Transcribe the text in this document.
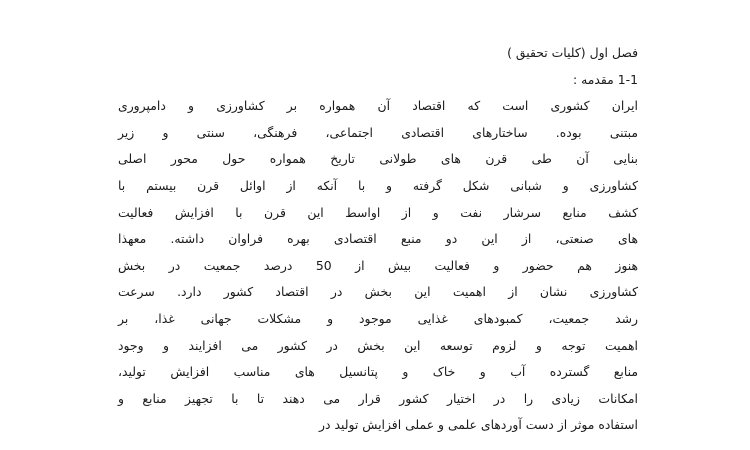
فصل اول (کلیات تحقیق )
1-1 مقدمه :
ایران کشوری است که اقتصاد آن همواره بر کشاورزی و دامپروری
مبتنی بوده. ساختارهای اقتصادی اجتماعی، فرهنگی، سنتی و زیر
بنایی آن طی قرن های طولانی تاریخ همواره حول محور اصلی
کشاورزی و شبانی شکل گرفته و با آنکه از اوائل قرن بیستم با
کشف منابع سرشار نفت و از اواسط این قرن با افزایش فعالیت
های صنعتی، از این دو منبع اقتصادی بهره فراوان داشته. معهذا
هنوز هم حضور و فعالیت بیش از 50 درصد جمعیت در بخش
کشاورزی نشان از اهمیت این بخش در اقتصاد کشور دارد. سرعت
رشد جمعیت، کمبودهای غذایی موجود و مشکلات جهانی غذا، بر
اهمیت توجه و لزوم توسعه این بخش در کشور می افزایند و وجود
منابع گسترده آب و خاک و پتانسیل های مناسب افزایش تولید،
امکانات زیادی را در اختیار کشور قرار می دهند تا با تجهیز منابع و
استفاده موثر از دست آوردهای علمی و عملی افزایش تولید در
